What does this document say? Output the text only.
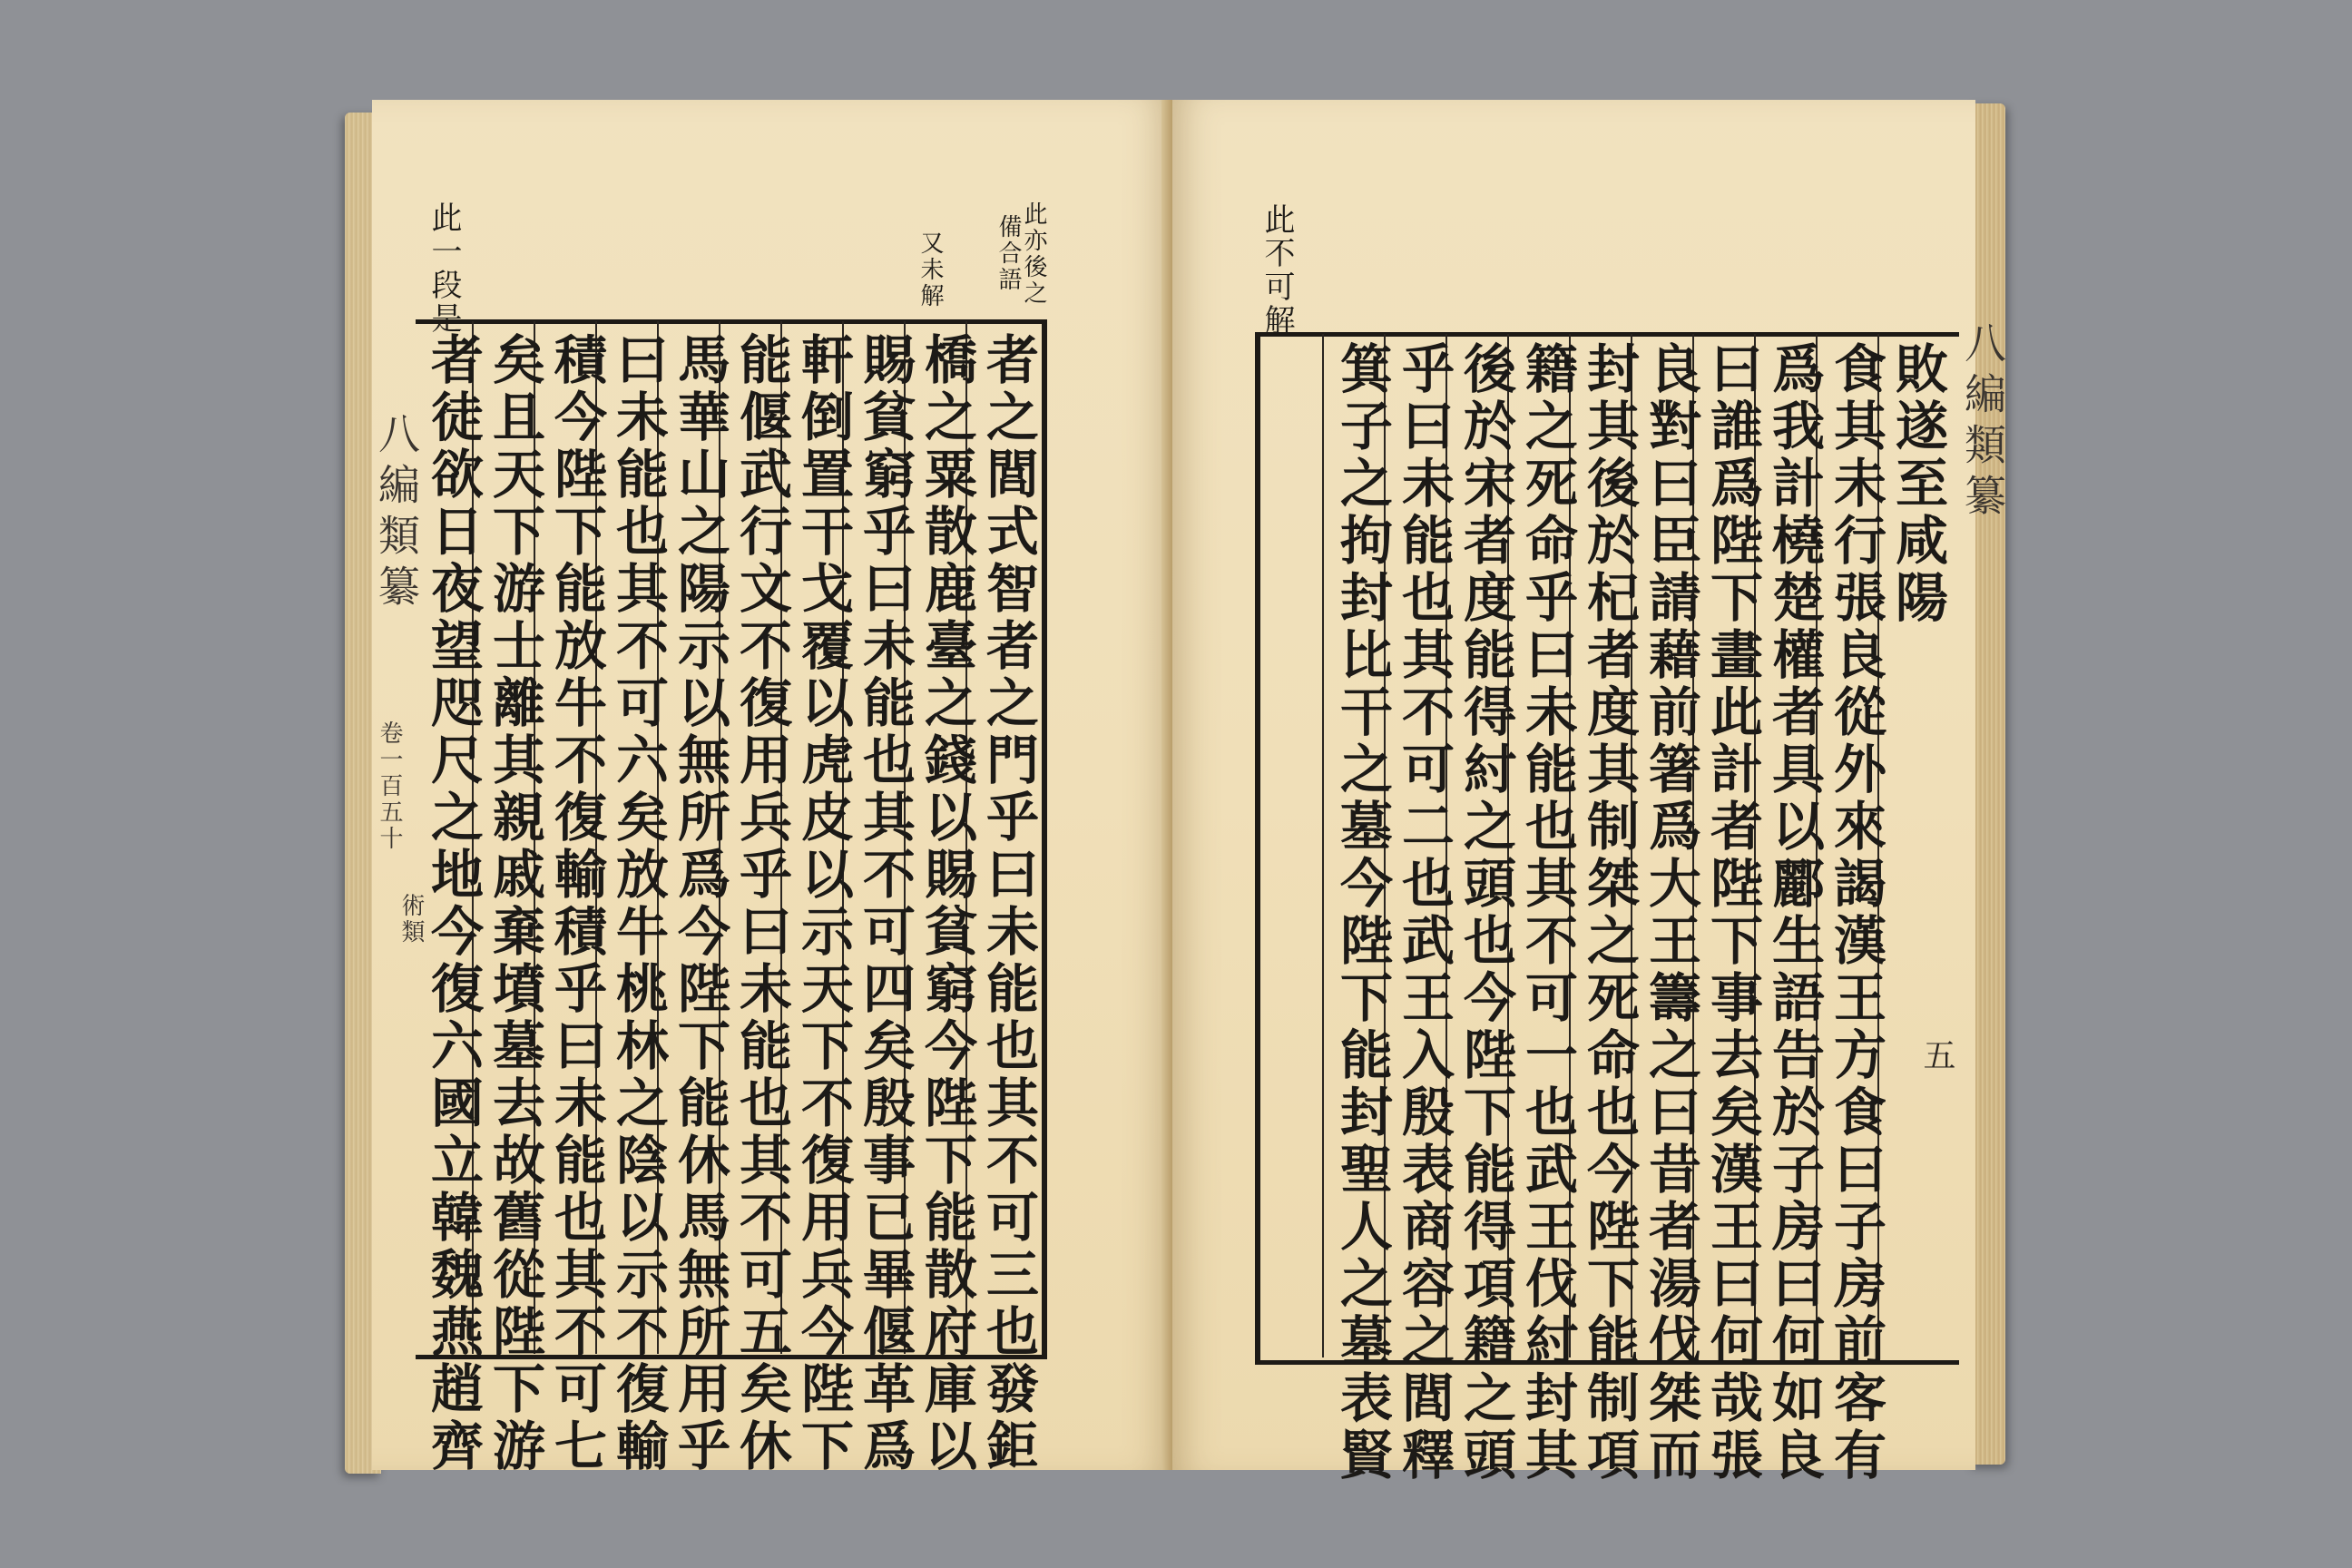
此一段是	又未解	此亦後之
備合語
八編類纂
卷一百五十
術類	者之閭式智者之門乎曰未能也其不可三也發鉅
橋之粟散鹿臺之錢以賜貧窮今陛下能散府庫以
賜貧窮乎曰未能也其不可四矣殷事已畢偃革爲
軒倒置干戈覆以虎皮以示天下不復用兵今陛下
能偃武行文不復用兵乎曰未能也其不可五矣休
馬華山之陽示以無所爲今陛下能休馬無所用乎
曰未能也其不可六矣放牛桃林之陰以示不復輸
積今陛下能放牛不復輸積乎曰未能也其不可七
矣且天下游士離其親戚棄墳墓去故舊從陛下游
者徒欲日夜望咫尺之地今復六國立韓魏燕趙齊
此不可解
敗遂至咸陽
食其未行張良從外來謁漢王方食曰子房前客有
爲我計橈楚權者具以酈生語告於子房曰何如良
曰誰爲陛下畫此計者陛下事去矣漢王曰何哉張
良對曰臣請藉前箸爲大王籌之曰昔者湯伐桀而
封其後於杞者度其制桀之死命也今陛下能制項
籍之死命乎曰未能也其不可一也武王伐紂封其
後於宋者度能得紂之頭也今陛下能得項籍之頭
乎曰未能也其不可二也武王入殷表商容之閭釋
箕子之拘封比干之墓今陛下能封聖人之墓表賢	八編類纂
五
